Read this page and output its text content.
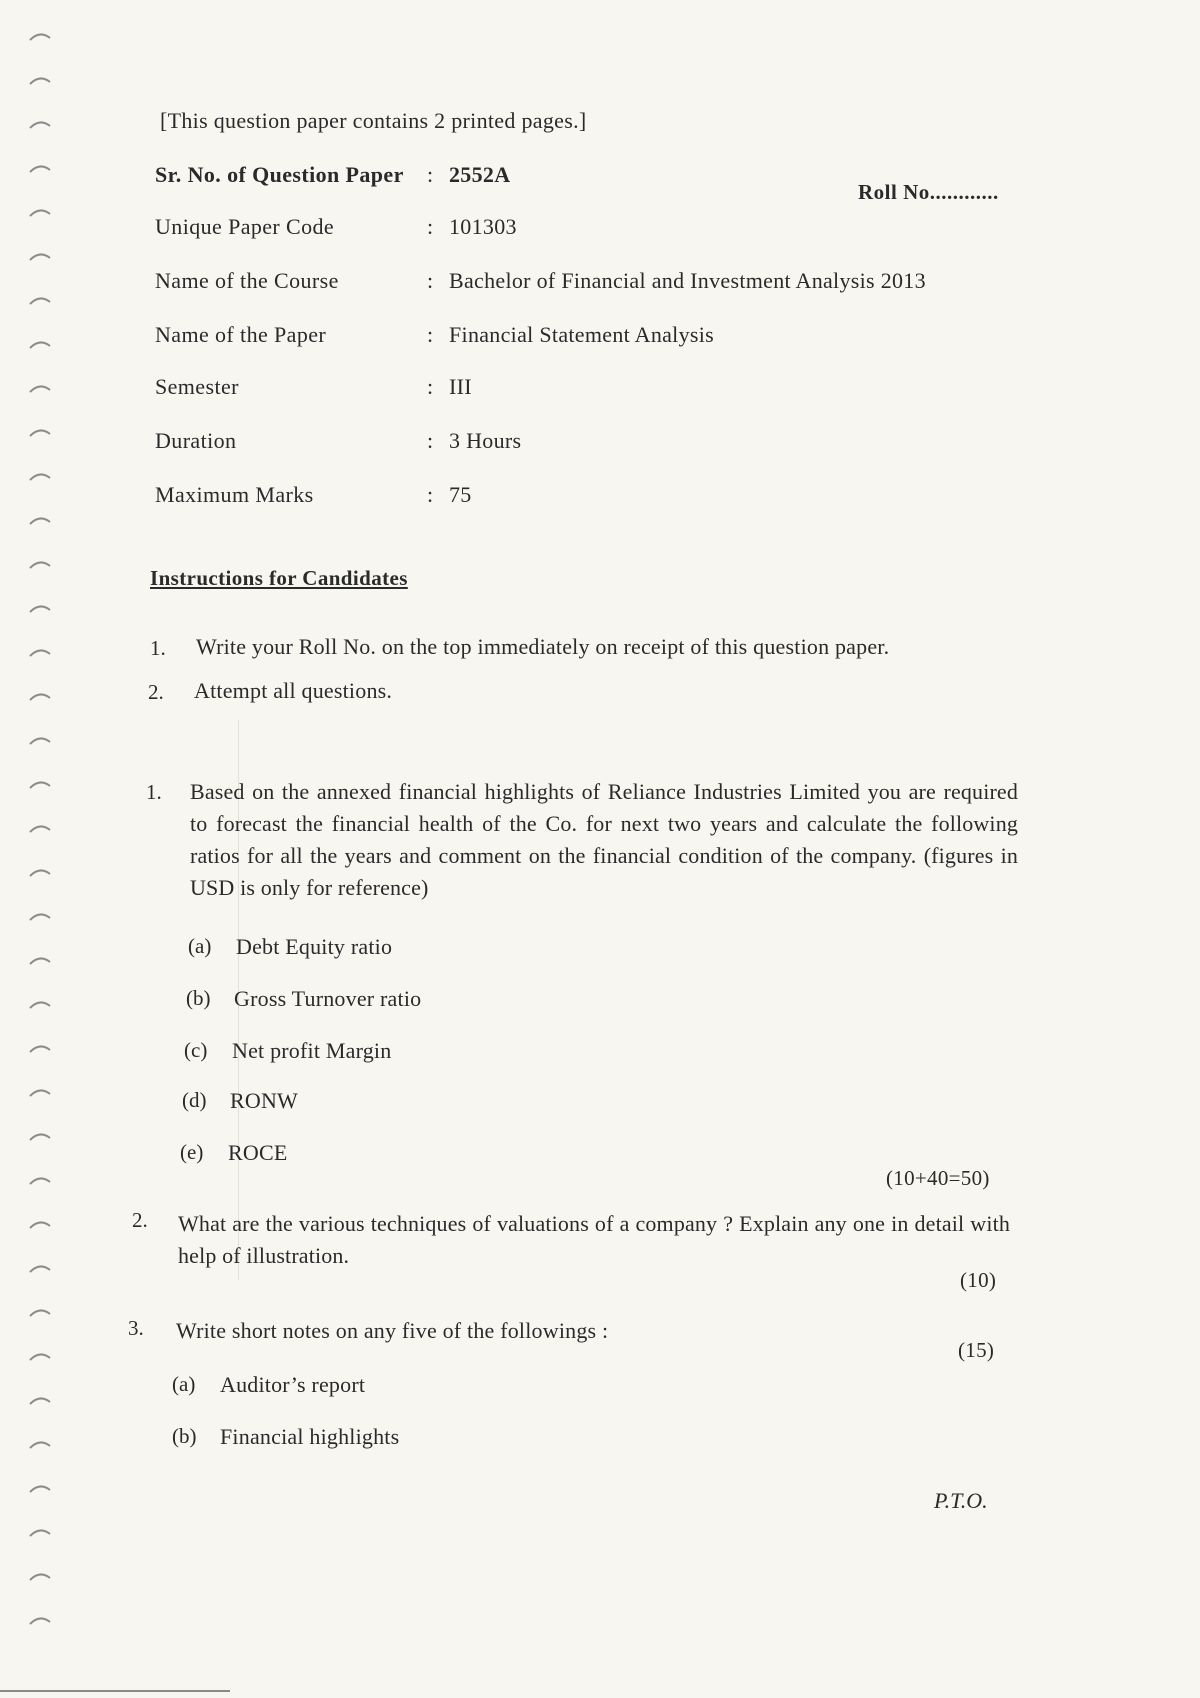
[This question paper contains 2 printed pages.]
Roll No............
Sr. No. of Question Paper	: 2552A
Unique Paper Code	: 101303
Name of the Course	: Bachelor of Financial and Investment Analysis 2013
Name of the Paper	: Financial Statement Analysis
Semester	: III
Duration	: 3 Hours
Maximum Marks	: 75
Instructions for Candidates
1. Write your Roll No. on the top immediately on receipt of this question paper.
2. Attempt all questions.
1. Based on the annexed financial highlights of Reliance Industries Limited you are required to forecast the financial health of the Co. for next two years and calculate the following ratios for all the years and comment on the financial condition of the company. (figures in USD is only for reference)
(a) Debt Equity ratio
(b) Gross Turnover ratio
(c) Net profit Margin
(d) RONW
(e) ROCE
(10+40=50)
2. What are the various techniques of valuations of a company ? Explain any one in detail with help of illustration.
(10)
3. Write short notes on any five of the followings :
(15)
(a) Auditor’s report
(b) Financial highlights
P.T.O.
